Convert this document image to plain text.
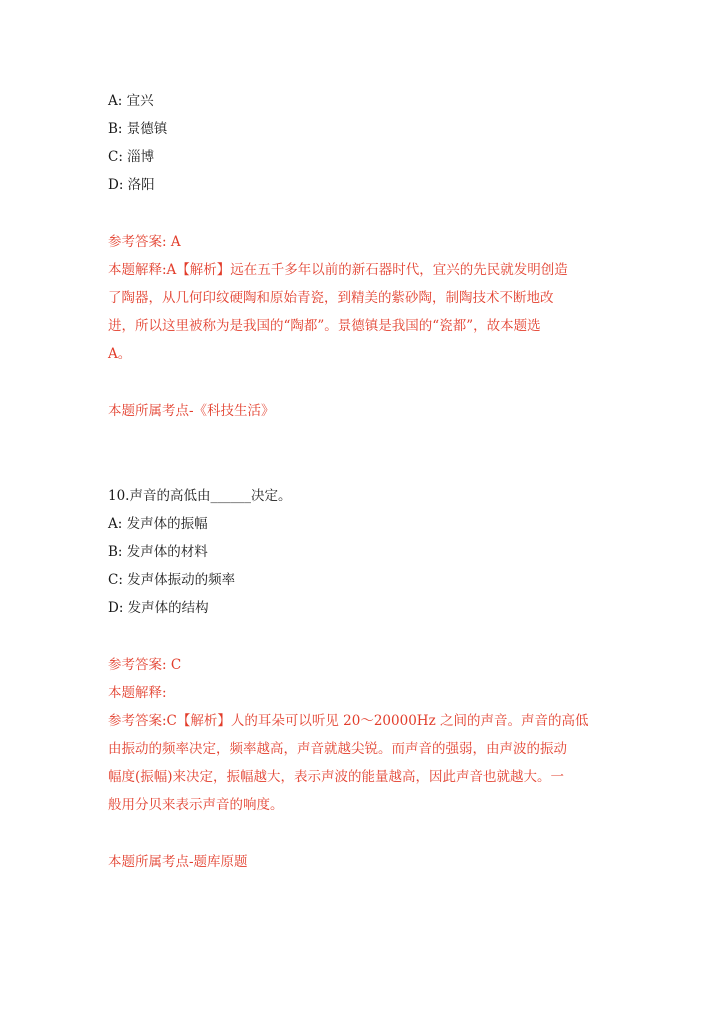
A: 宜兴
B: 景德镇
C: 淄博
D: 洛阳
参考答案: A
本题解释:A【解析】远在五千多年以前的新石器时代，宜兴的先民就发明创造
了陶器，从几何印纹硬陶和原始青瓷，到精美的紫砂陶，制陶技术不断地改
进，所以这里被称为是我国的“陶都”。景德镇是我国的“瓷都”，故本题选
A。
本题所属考点-《科技生活》
10.声音的高低由______决定。
A: 发声体的振幅
B: 发声体的材料
C: 发声体振动的频率
D: 发声体的结构
参考答案: C
本题解释:
参考答案:C【解析】人的耳朵可以听见 20～20000Hz 之间的声音。声音的高低
由振动的频率决定，频率越高，声音就越尖锐。而声音的强弱，由声波的振动
幅度(振幅)来决定，振幅越大，表示声波的能量越高，因此声音也就越大。一
般用分贝来表示声音的响度。
本题所属考点-题库原题
